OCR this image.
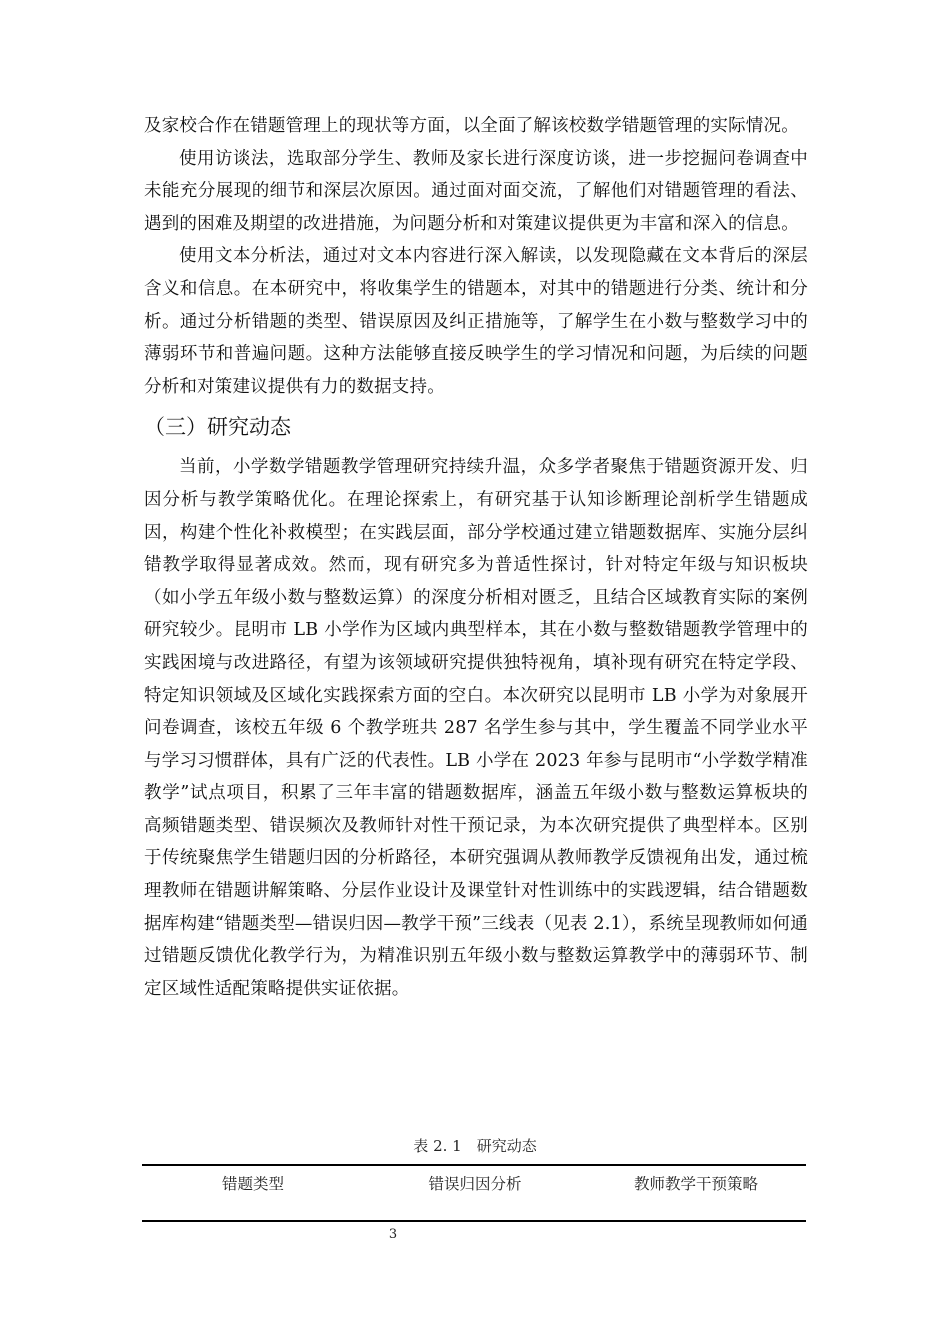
及家校合作在错题管理上的现状等方面，以全面了解该校数学错题管理的实际情况。

使用访谈法，选取部分学生、教师及家长进行深度访谈，进一步挖掘问卷调查中未能充分展现的细节和深层次原因。通过面对面交流，了解他们对错题管理的看法、遇到的困难及期望的改进措施，为问题分析和对策建议提供更为丰富和深入的信息。

使用文本分析法，通过对文本内容进行深入解读，以发现隐藏在文本背后的深层含义和信息。在本研究中，将收集学生的错题本，对其中的错题进行分类、统计和分析。通过分析错题的类型、错误原因及纠正措施等，了解学生在小数与整数学习中的薄弱环节和普遍问题。这种方法能够直接反映学生的学习情况和问题，为后续的问题分析和对策建议提供有力的数据支持。

（三）研究动态

当前，小学数学错题教学管理研究持续升温，众多学者聚焦于错题资源开发、归因分析与教学策略优化。在理论探索上，有研究基于认知诊断理论剖析学生错题成因，构建个性化补救模型；在实践层面，部分学校通过建立错题数据库、实施分层纠错教学取得显著成效。然而，现有研究多为普适性探讨，针对特定年级与知识板块（如小学五年级小数与整数运算）的深度分析相对匮乏，且结合区域教育实际的案例研究较少。昆明市 LB 小学作为区域内典型样本，其在小数与整数错题教学管理中的实践困境与改进路径，有望为该领域研究提供独特视角，填补现有研究在特定学段、特定知识领域及区域化实践探索方面的空白。本次研究以昆明市 LB 小学为对象展开问卷调查，该校五年级 6 个教学班共 287 名学生参与其中，学生覆盖不同学业水平与学习习惯群体，具有广泛的代表性。LB 小学在 2023 年参与昆明市“小学数学精准教学”试点项目，积累了三年丰富的错题数据库，涵盖五年级小数与整数运算板块的高频错题类型、错误频次及教师针对性干预记录，为本次研究提供了典型样本。区别于传统聚焦学生错题归因的分析路径，本研究强调从教师教学反馈视角出发，通过梳理教师在错题讲解策略、分层作业设计及课堂针对性训练中的实践逻辑，结合错题数据库构建“错题类型—错误归因—教学干预”三线表（见表 2.1），系统呈现教师如何通过错题反馈优化教学行为，为精准识别五年级小数与整数运算教学中的薄弱环节、制定区域性适配策略提供实证依据。

表 2. 1　研究动态
错题类型	错误归因分析	教师教学干预策略
3
